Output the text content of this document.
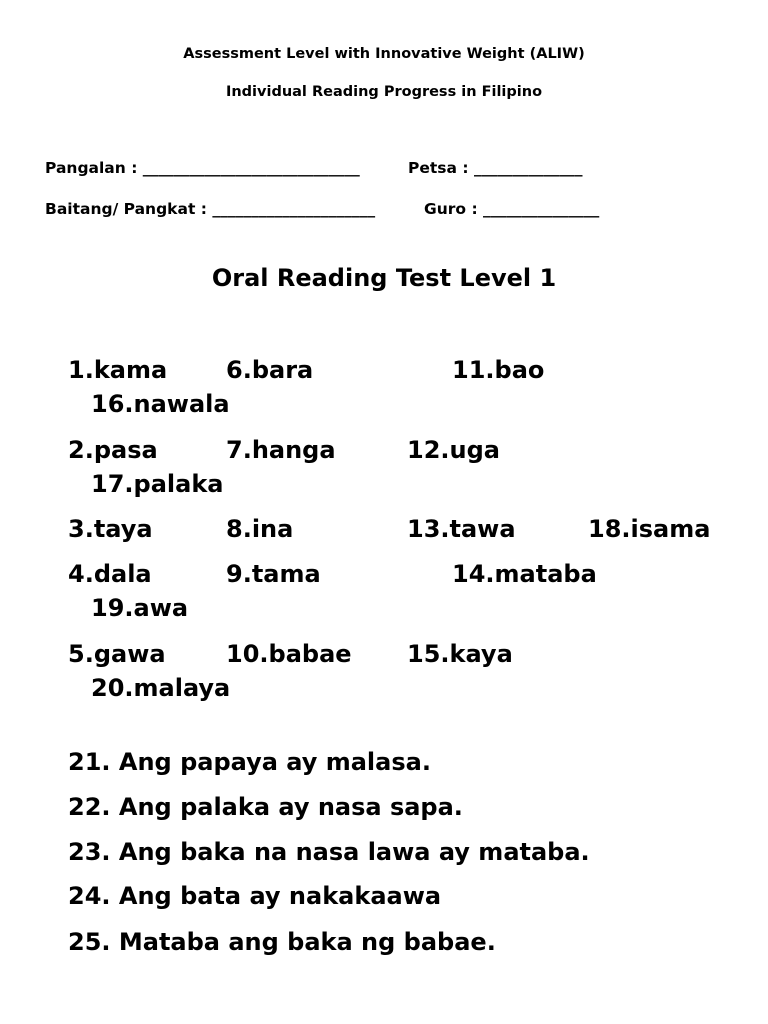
Assessment Level with Innovative Weight (ALIW)
Individual Reading Progress in Filipino
Pangalan : ____________________________	Petsa : ______________
Baitang/ Pangkat : _____________________	Guro : _______________
Oral Reading Test Level 1
1.kama 6.bara	11.bao
16.nawala
2.pasa	7.hanga	12.uga
17.palaka
3.taya	8.ina	13.tawa	18.isama
4.dala	9.tama	14.mataba
19.awa
5.gawa	10.babae 15.kaya
20.malaya
21. Ang papaya ay malasa.
22. Ang palaka ay nasa sapa.
23. Ang baka na nasa lawa ay mataba.
24. Ang bata ay nakakaawa
25. Mataba ang baka ng babae.
